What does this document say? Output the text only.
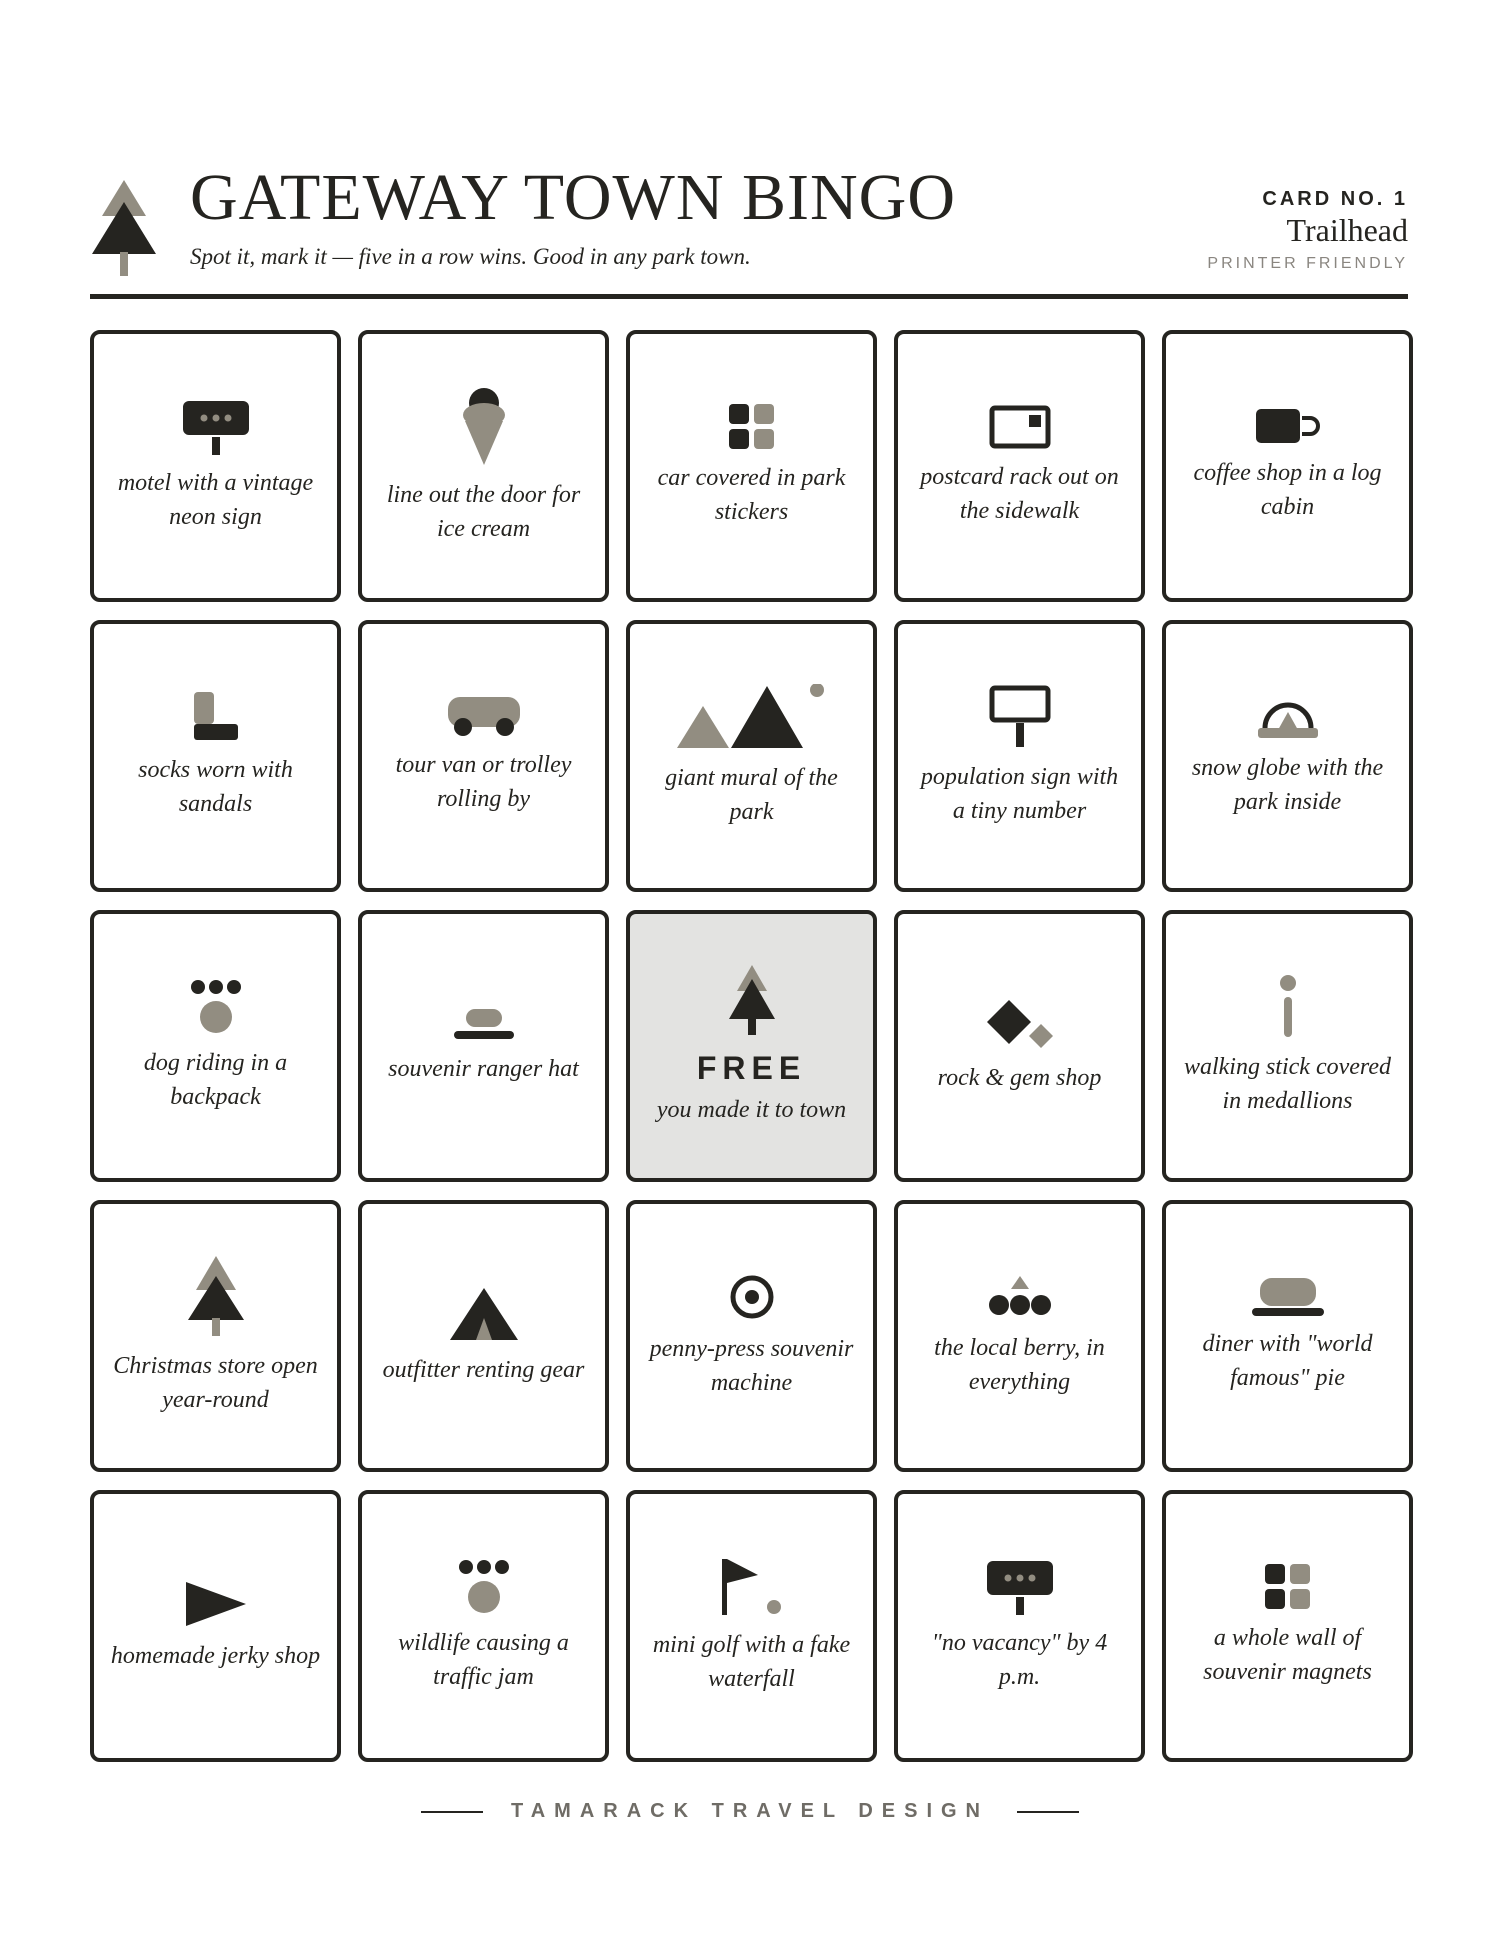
GATEWAY TOWN BINGO
Spot it, mark it — five in a row wins. Good in any park town.
CARD NO. 1
Trailhead
PRINTER FRIENDLY
motel with a vintage neon sign
line out the door for ice cream
car covered in park stickers
postcard rack out on the sidewalk
coffee shop in a log cabin
socks worn with sandals
tour van or trolley rolling by
giant mural of the park
population sign with a tiny number
snow globe with the park inside
dog riding in a backpack
souvenir ranger hat	FREE
you made it to town
rock & gem shop	walking stick covered in medallions
Christmas store open year-round
outfitter renting gear
penny-press souvenir machine
the local berry, in everything
diner with "world famous" pie
homemade jerky shop	wildlife causing a traffic jam
mini golf with a fake waterfall
"no vacancy" by 4 p.m.
a whole wall of souvenir magnets
TAMARACK TRAVEL DESIGN
